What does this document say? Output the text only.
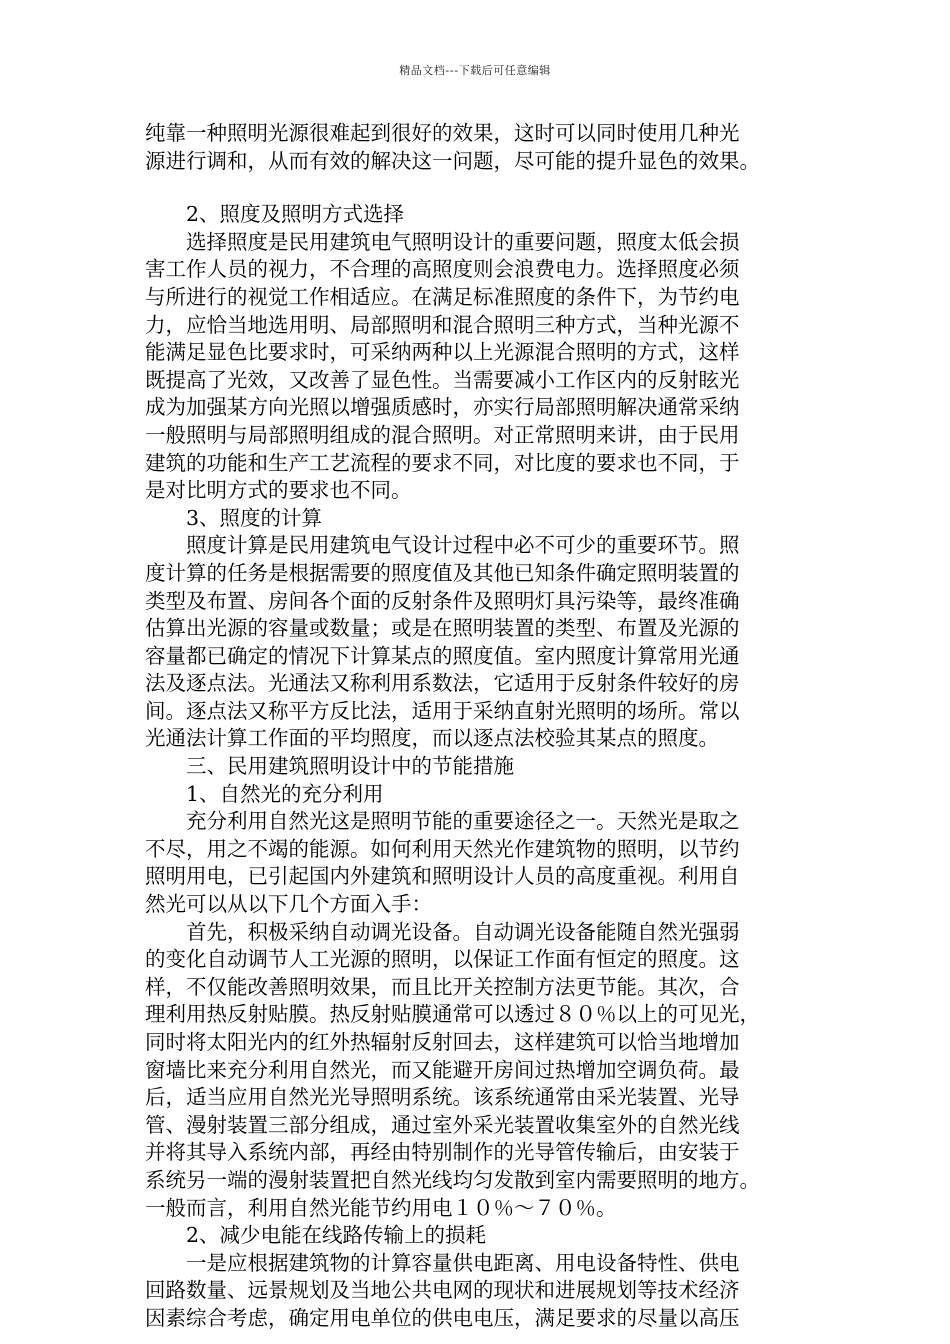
精品文档---下载后可任意编辑
纯靠一种照明光源很难起到很好的效果，这时可以同时使用几种光
源进行调和，从而有效的解决这一问题，尽可能的提升显色的效果。
　　2、照度及照明方式选择
　　选择照度是民用建筑电气照明设计的重要问题，照度太低会损
害工作人员的视力，不合理的高照度则会浪费电力。选择照度必须
与所进行的视觉工作相适应。在满足标准照度的条件下，为节约电
力，应恰当地选用明、局部照明和混合照明三种方式，当种光源不
能满足显色比要求时，可采纳两种以上光源混合照明的方式，这样
既提高了光效，又改善了显色性。当需要减小工作区内的反射眩光
成为加强某方向光照以增强质感时，亦实行局部照明解决通常采纳
一般照明与局部照明组成的混合照明。对正常照明来讲，由于民用
建筑的功能和生产工艺流程的要求不同，对比度的要求也不同，于
是对比明方式的要求也不同。
　　3、照度的计算
　　照度计算是民用建筑电气设计过程中必不可少的重要环节。照
度计算的任务是根据需要的照度值及其他已知条件确定照明装置的
类型及布置、房间各个面的反射条件及照明灯具污染等，最终准确
估算出光源的容量或数量；或是在照明装置的类型、布置及光源的
容量都已确定的情况下计算某点的照度值。室内照度计算常用光通
法及逐点法。光通法又称利用系数法，它适用于反射条件较好的房
间。逐点法又称平方反比法，适用于采纳直射光照明的场所。常以
光通法计算工作面的平均照度，而以逐点法校验其某点的照度。
　　三、民用建筑照明设计中的节能措施
　　1、自然光的充分利用
　　充分利用自然光这是照明节能的重要途径之一。天然光是取之
不尽，用之不竭的能源。如何利用天然光作建筑物的照明，以节约
照明用电，已引起国内外建筑和照明设计人员的高度重视。利用自
然光可以从以下几个方面入手：
　　首先，积极采纳自动调光设备。自动调光设备能随自然光强弱
的变化自动调节人工光源的照明，以保证工作面有恒定的照度。这
样，不仅能改善照明效果，而且比开关控制方法更节能。其次，合
理利用热反射贴膜。热反射贴膜通常可以透过８０％以上的可见光，
同时将太阳光内的红外热辐射反射回去，这样建筑可以恰当地增加
窗墙比来充分利用自然光，而又能避开房间过热增加空调负荷。最
后，适当应用自然光光导照明系统。该系统通常由采光装置、光导
管、漫射装置三部分组成，通过室外采光装置收集室外的自然光线
并将其导入系统内部，再经由特别制作的光导管传输后，由安装于
系统另一端的漫射装置把自然光线均匀发散到室内需要照明的地方。
一般而言，利用自然光能节约用电１０％～７０％。
　　2、减少电能在线路传输上的损耗
　　一是应根据建筑物的计算容量供电距离、用电设备特性、供电
回路数量、远景规划及当地公共电网的现状和进展规划等技术经济
因素综合考虑，确定用电单位的供电电压，满足要求的尽量以高压
